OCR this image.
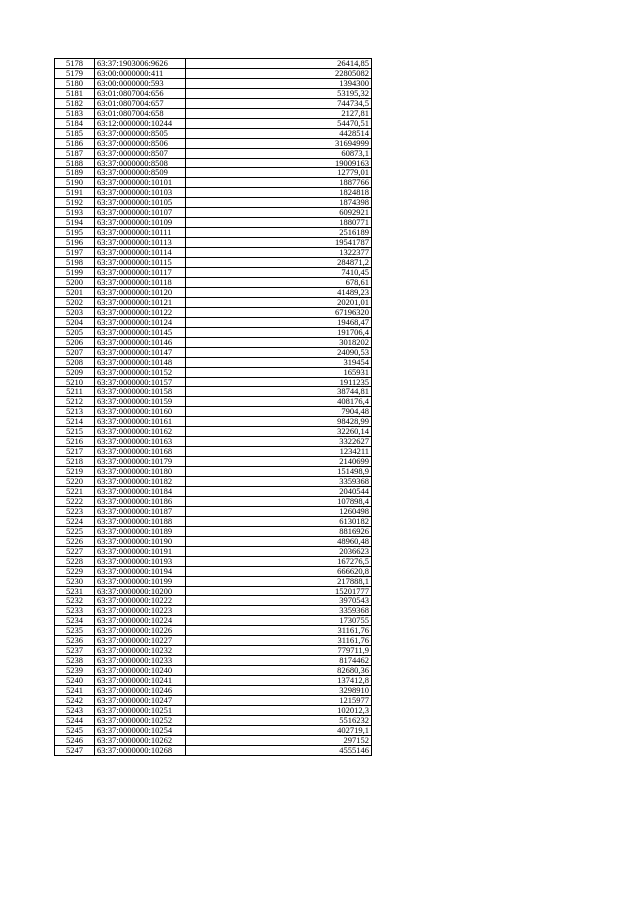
5178	63:37:1903006:9626	26414,85
5179	63:00:0000000:411	22805082
5180	63:00:0000000:593	1394300
5181	63:01:0807004:656	53195,32
5182	63:01:0807004:657	744734,5
5183	63:01:0807004:658	2127,81
5184	63:12:0000000:10244	54470,51
5185	63:37:0000000:8505	4428514
5186	63:37:0000000:8506	31694999
5187	63:37:0000000:8507	60873,1
5188	63:37:0000000:8508	19009163
5189	63:37:0000000:8509	12779,01
5190	63:37:0000000:10101	1887766
5191	63:37:0000000:10103	1824818
5192	63:37:0000000:10105	1874398
5193	63:37:0000000:10107	6092921
5194	63:37:0000000:10109	1880771
5195	63:37:0000000:10111	2516189
5196	63:37:0000000:10113	19541787
5197	63:37:0000000:10114	1322377
5198	63:37:0000000:10115	284871,2
5199	63:37:0000000:10117	7410,45
5200	63:37:0000000:10118	678,61
5201	63:37:0000000:10120	41489,23
5202	63:37:0000000:10121	20201,01
5203	63:37:0000000:10122	67196320
5204	63:37:0000000:10124	19468,47
5205	63:37:0000000:10145	191706,4
5206	63:37:0000000:10146	3018202
5207	63:37:0000000:10147	24090,53
5208	63:37:0000000:10148	319454
5209	63:37:0000000:10152	165931
5210	63:37:0000000:10157	1911235
5211	63:37:0000000:10158	38744,81
5212	63:37:0000000:10159	408176,4
5213	63:37:0000000:10160	7904,48
5214	63:37:0000000:10161	98428,99
5215	63:37:0000000:10162	32260,14
5216	63:37:0000000:10163	3322627
5217	63:37:0000000:10168	1234211
5218	63:37:0000000:10179	2140699
5219	63:37:0000000:10180	151498,9
5220	63:37:0000000:10182	3359368
5221	63:37:0000000:10184	2040544
5222	63:37:0000000:10186	107898,4
5223	63:37:0000000:10187	1260498
5224	63:37:0000000:10188	6130182
5225	63:37:0000000:10189	8816926
5226	63:37:0000000:10190	48960,48
5227	63:37:0000000:10191	2036623
5228	63:37:0000000:10193	167276,5
5229	63:37:0000000:10194	666620,8
5230	63:37:0000000:10199	217888,1
5231	63:37:0000000:10200	15201777
5232	63:37:0000000:10222	3970543
5233	63:37:0000000:10223	3359368
5234	63:37:0000000:10224	1730755
5235	63:37:0000000:10226	31161,76
5236	63:37:0000000:10227	31161,76
5237	63:37:0000000:10232	779711,9
5238	63:37:0000000:10233	8174462
5239	63:37:0000000:10240	82680,36
5240	63:37:0000000:10241	137412,8
5241	63:37:0000000:10246	3298910
5242	63:37:0000000:10247	1215977
5243	63:37:0000000:10251	102012,3
5244	63:37:0000000:10252	5516232
5245	63:37:0000000:10254	402719,1
5246	63:37:0000000:10262	297152
5247	63:37:0000000:10268	4555146
